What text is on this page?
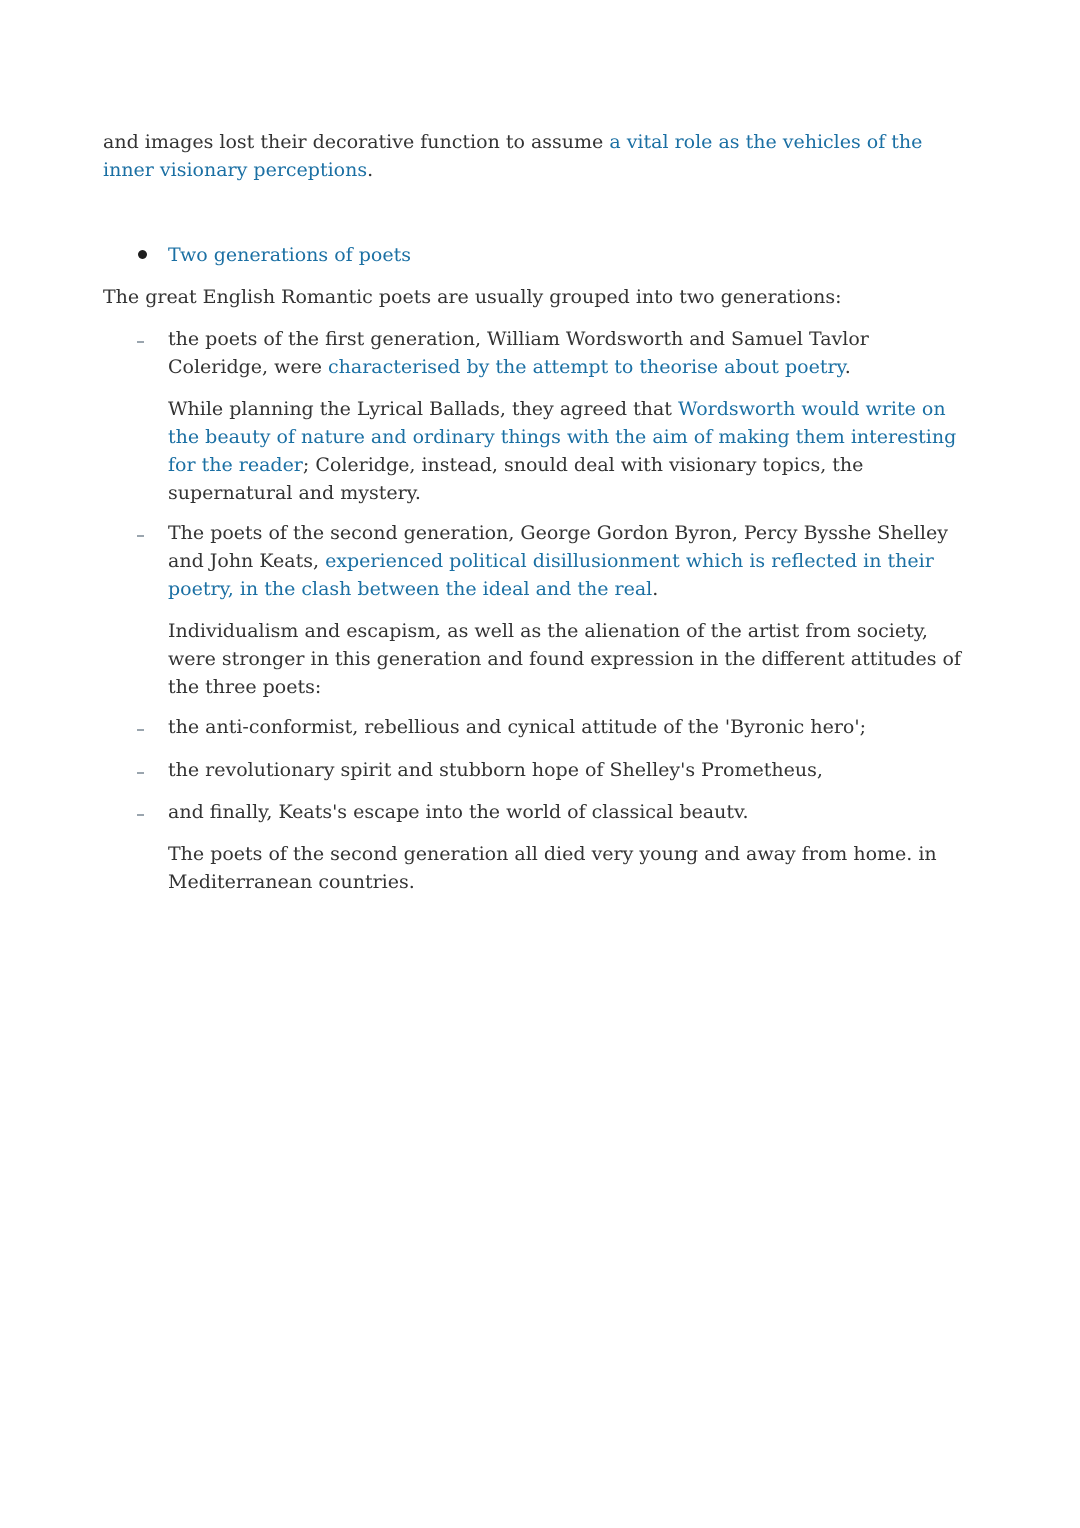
and images lost their decorative function to assume a vital role as the vehicles of the inner visionary perceptions.

Two generations of poets

The great English Romantic poets are usually grouped into two generations:

the poets of the first generation, William Wordsworth and Samuel Tavlor Coleridge, were characterised by the attempt to theorise about poetry.

While planning the Lyrical Ballads, they agreed that Wordsworth would write on the beauty of nature and ordinary things with the aim of making them interesting for the reader; Coleridge, instead, snould deal with visionary topics, the supernatural and mystery.

The poets of the second generation, George Gordon Byron, Percy Bysshe Shelley and John Keats, experienced political disillusionment which is reflected in their poetry, in the clash between the ideal and the real.

Individualism and escapism, as well as the alienation of the artist from society, were stronger in this generation and found expression in the different attitudes of the three poets:

the anti-conformist, rebellious and cynical attitude of the 'Byronic hero';

the revolutionary spirit and stubborn hope of Shelley's Prometheus,

and finally, Keats's escape into the world of classical beautv.

The poets of the second generation all died very young and away from home. in Mediterranean countries.
